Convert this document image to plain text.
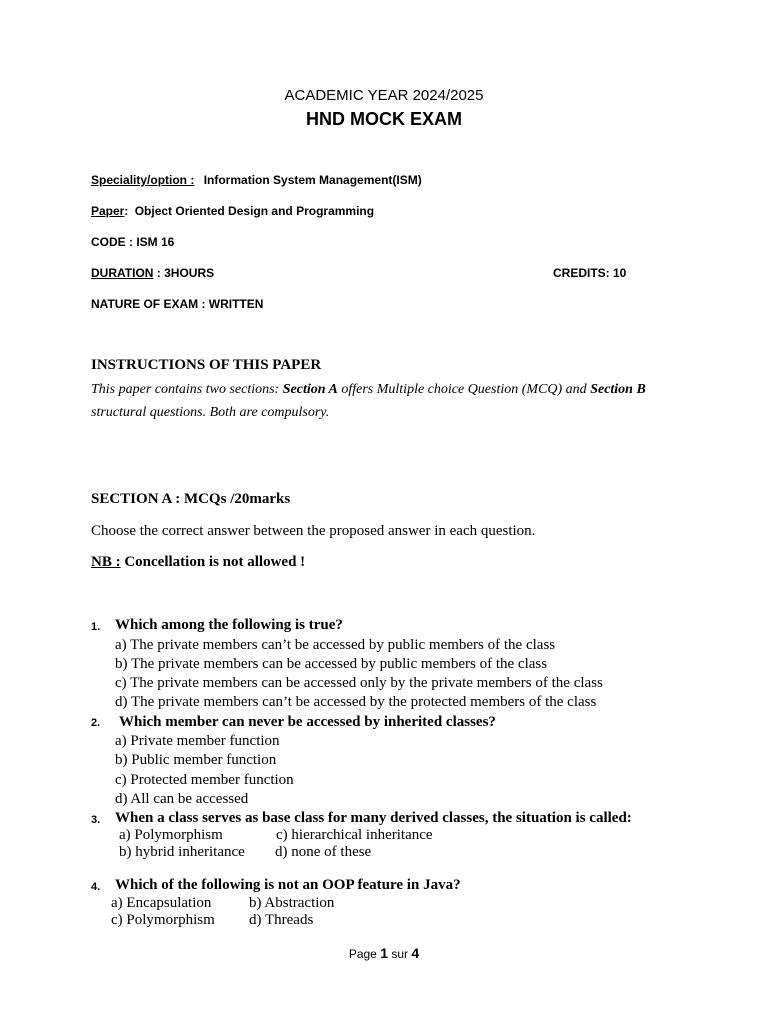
ACADEMIC YEAR 2024/2025
HND MOCK EXAM
Speciality/option : Information System Management(ISM)
Paper: Object Oriented Design and Programming
CODE : ISM 16
DURATION : 3HOURS	CREDITS: 10
NATURE OF EXAM : WRITTEN
INSTRUCTIONS OF THIS PAPER
This paper contains two sections: Section A offers Multiple choice Question (MCQ) and Section B
structural questions. Both are compulsory.
SECTION A : MCQs /20marks
Choose the correct answer between the proposed answer in each question.
NB : Concellation is not allowed !
1. Which among the following is true?
a) The private members can’t be accessed by public members of the class
b) The private members can be accessed by public members of the class
c) The private members can be accessed only by the private members of the class
d) The private members can’t be accessed by the protected members of the class
2. Which member can never be accessed by inherited classes?
a) Private member function
b) Public member function
c) Protected member function
d) All can be accessed
3. When a class serves as base class for many derived classes, the situation is called:
a) Polymorphism	c) hierarchical inheritance
b) hybrid inheritance d) none of these
4. Which of the following is not an OOP feature in Java?
a) Encapsulation	b) Abstraction
c) Polymorphism d) Threads
Page 1 sur 4
